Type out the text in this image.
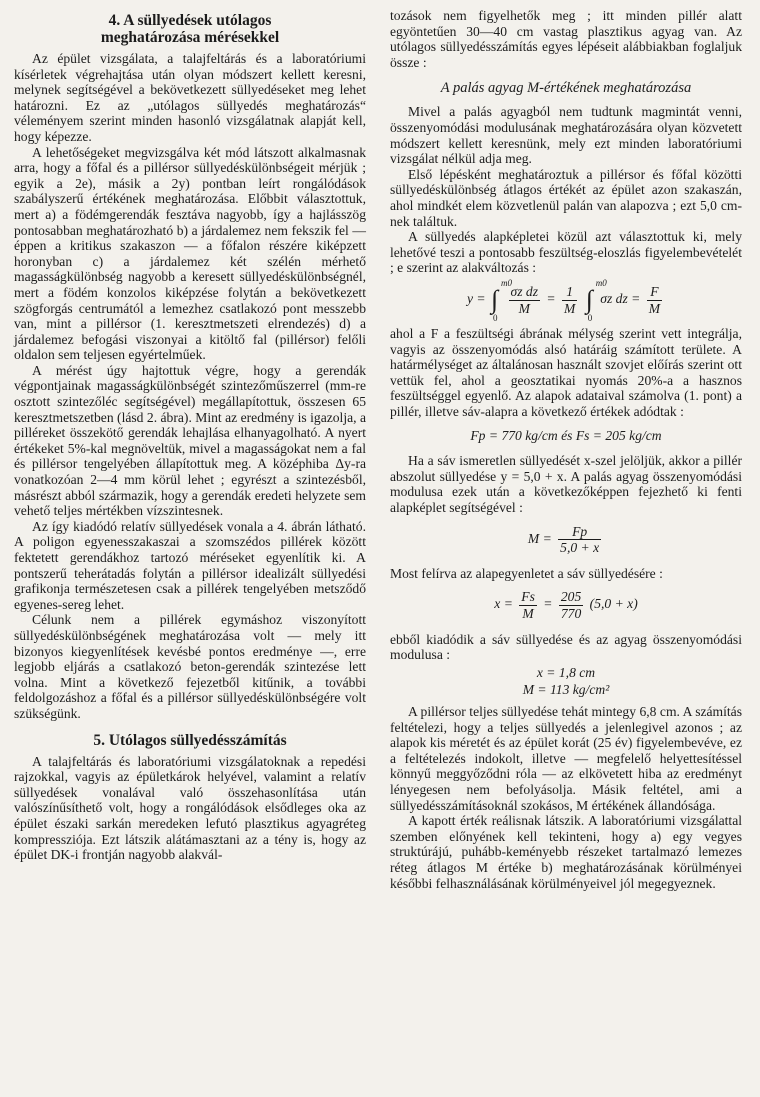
4. A süllyedések utólagos
meghatározása mérésekkel

Az épület vizsgálata, a talajfeltárás és a laboratóriumi kísérletek végrehajtása után olyan módszert kellett keresni, melynek segítségével a bekövetkezett süllyedéseket meg lehet határozni. Ez az „utólagos süllyedés meghatározás“ véleményem szerint minden hasonló vizsgálatnak alapját kell, hogy képezze.

A lehetőségeket megvizsgálva két mód látszott alkalmasnak arra, hogy a főfal és a pillérsor süllyedéskülönbségeit mérjük ; egyik a 2e), másik a 2y) pontban leírt rongálódások szabályszerű értékének meghatározása. Előbbit választottuk, mert a) a födémgerendák fesztáva nagyobb, így a hajlásszög pontosabban meghatározható b) a járdalemez nem fekszik fel — éppen a kritikus szakaszon — a főfalon részére kiképzett horonyban c) a járdalemez két szélén mérhető magasságkülönbség nagyobb a keresett süllyedéskülönbségnél, mert a födém konzolos kiképzése folytán a bekövetkezett szögforgás centrumától a lemezhez csatlakozó pont messzebb van, mint a pillérsor (1. keresztmetszeti elrendezés) d) a járdalemez befogási viszonyai a kitöltő fal (pillérsor) felőli oldalon sem teljesen egyértelműek.

A mérést úgy hajtottuk végre, hogy a gerendák végpontjainak magasságkülönbségét szintezőműszerrel (mm-re osztott szintezőléc segítségével) megállapítottuk, összesen 65 keresztmetszetben (lásd 2. ábra). Mint az eredmény is igazolja, a pilléreket összekötő gerendák lehajlása elhanyagolható. A nyert értékeket 5%-kal megnöveltük, mivel a magasságokat nem a fal és pillérsor tengelyében állapítottuk meg. A középhiba Δy-ra vonatkozóan 2—4 mm körül lehet ; egyrészt a szintezésből, másrészt abból származik, hogy a gerendák eredeti helyzete sem vehető teljes mértékben vízszintesnek.

Az így kiadódó relatív süllyedések vonala a 4. ábrán látható. A poligon egyenesszakaszai a szomszédos pillérek között fektetett gerendákhoz tartozó méréseket egyenlítik ki. A pontszerű teherátadás folytán a pillérsor idealizált süllyedési grafikonja természetesen csak a pillérek tengelyében metsződő egyenes-sereg lehet.

Célunk nem a pillérek egymáshoz viszonyított süllyedéskülönbségének meghatározása volt — mely itt bizonyos kiegyenlítések kevésbé pontos eredménye —, erre legjobb eljárás a csatlakozó beton-gerendák szintezése lett volna. Mint a következő fejezetből kitűnik, a további feldolgozáshoz a főfal és a pillérsor süllyedéskülönbségére volt szükségünk.

5. Utólagos süllyedésszámítás

A talajfeltárás és laboratóriumi vizsgálatoknak a repedési rajzokkal, vagyis az épületkárok helyével, valamint a relatív süllyedések vonalával való összehasonlítása után valószínűsíthető volt, hogy a rongálódások elsődleges oka az épület északi sarkán meredeken lefutó plasztikus agyagréteg kompressziója. Ezt látszik alátámasztani az a tény is, hogy az épület DK-i frontján nagyobb alakvál-

tozások nem figyelhetők meg ; itt minden pillér alatt egyöntetűen 30—40 cm vastag plasztikus agyag van. Az utólagos süllyedésszámítás egyes lépéseit alábbiakban foglaljuk össze :

A palás agyag M-értékének meghatározása

Mivel a palás agyagból nem tudtunk magmintát venni, összenyomódási modulusának meghatározására olyan közvetett módszert kellett keresnünk, mely ezt minden laboratóriumi vizsgálat nélkül adja meg.

Első lépésként meghatároztuk a pillérsor és főfal közötti süllyedéskülönbség átlagos értékét az épület azon szakaszán, ahol mindkét elem közvetlenül palán van alapozva ; ezt 5,0 cm-nek találtuk.

A süllyedés alapképletei közül azt választottuk ki, mely lehetővé teszi a pontosabb feszültség-eloszlás figyelembevételét ; e szerint az alakváltozás :

y = ∫
m0
0

$\frac{\text{σz dz}}{M} = \frac{1}{M}$ ∫
m0
0
σz dz = $\frac{F}{M}$

ahol a F a feszültségi ábrának mélység szerint vett integrálja, vagyis az összenyomódás alsó határáig számított területe. A határmélységet az általánosan használt szovjet előírás szerint ott vettük fel, ahol a geosztatikai nyomás 20%-a a hasznos feszültséggel egyenlő. Az alapok adataival számolva (1. pont) a pillér, illetve sáv-alapra a következő értékek adódtak :

Fp = 770 kg/cm és Fs = 205 kg/cm

Ha a sáv ismeretlen süllyedését x-szel jelöljük, akkor a pillér abszolut süllyedése y = 5,0 + x. A palás agyag összenyomódási modulusa ezek után a következőképpen fejezhető ki fenti alapképlet segítségével :

$M = \frac{Fp}{5,0 + x}$

Most felírva az alapegyenletet a sáv süllyedésére :

$x = \frac{Fs}{M} = \frac{205}{770} (5,0 + x)$

ebből kiadódik a sáv süllyedése és az agyag összenyomódási modulusa :

x = 1,8 cm
M = 113 kg/cm²

A pillérsor teljes süllyedése tehát mintegy 6,8 cm. A számítás feltételezi, hogy a teljes süllyedés a jelenlegivel azonos ; az alapok kis méretét és az épület korát (25 év) figyelembevéve, ez a feltételezés indokolt, illetve — megfelelő helyettesítéssel könnyű meggyőződni róla — az elkövetett hiba az eredményt lényegesen nem befolyásolja. Másik feltétel, ami a süllyedésszámításoknál szokásos, M értékének állandósága.

A kapott érték reálisnak látszik. A laboratóriumi vizsgálattal szemben előnyének kell tekinteni, hogy a) egy vegyes struktúrájú, puhább-keményebb részeket tartalmazó lemezes réteg átlagos M értéke b) meghatározásának körülményei későbbi felhasználásának körülményeivel jól megegyeznek.
